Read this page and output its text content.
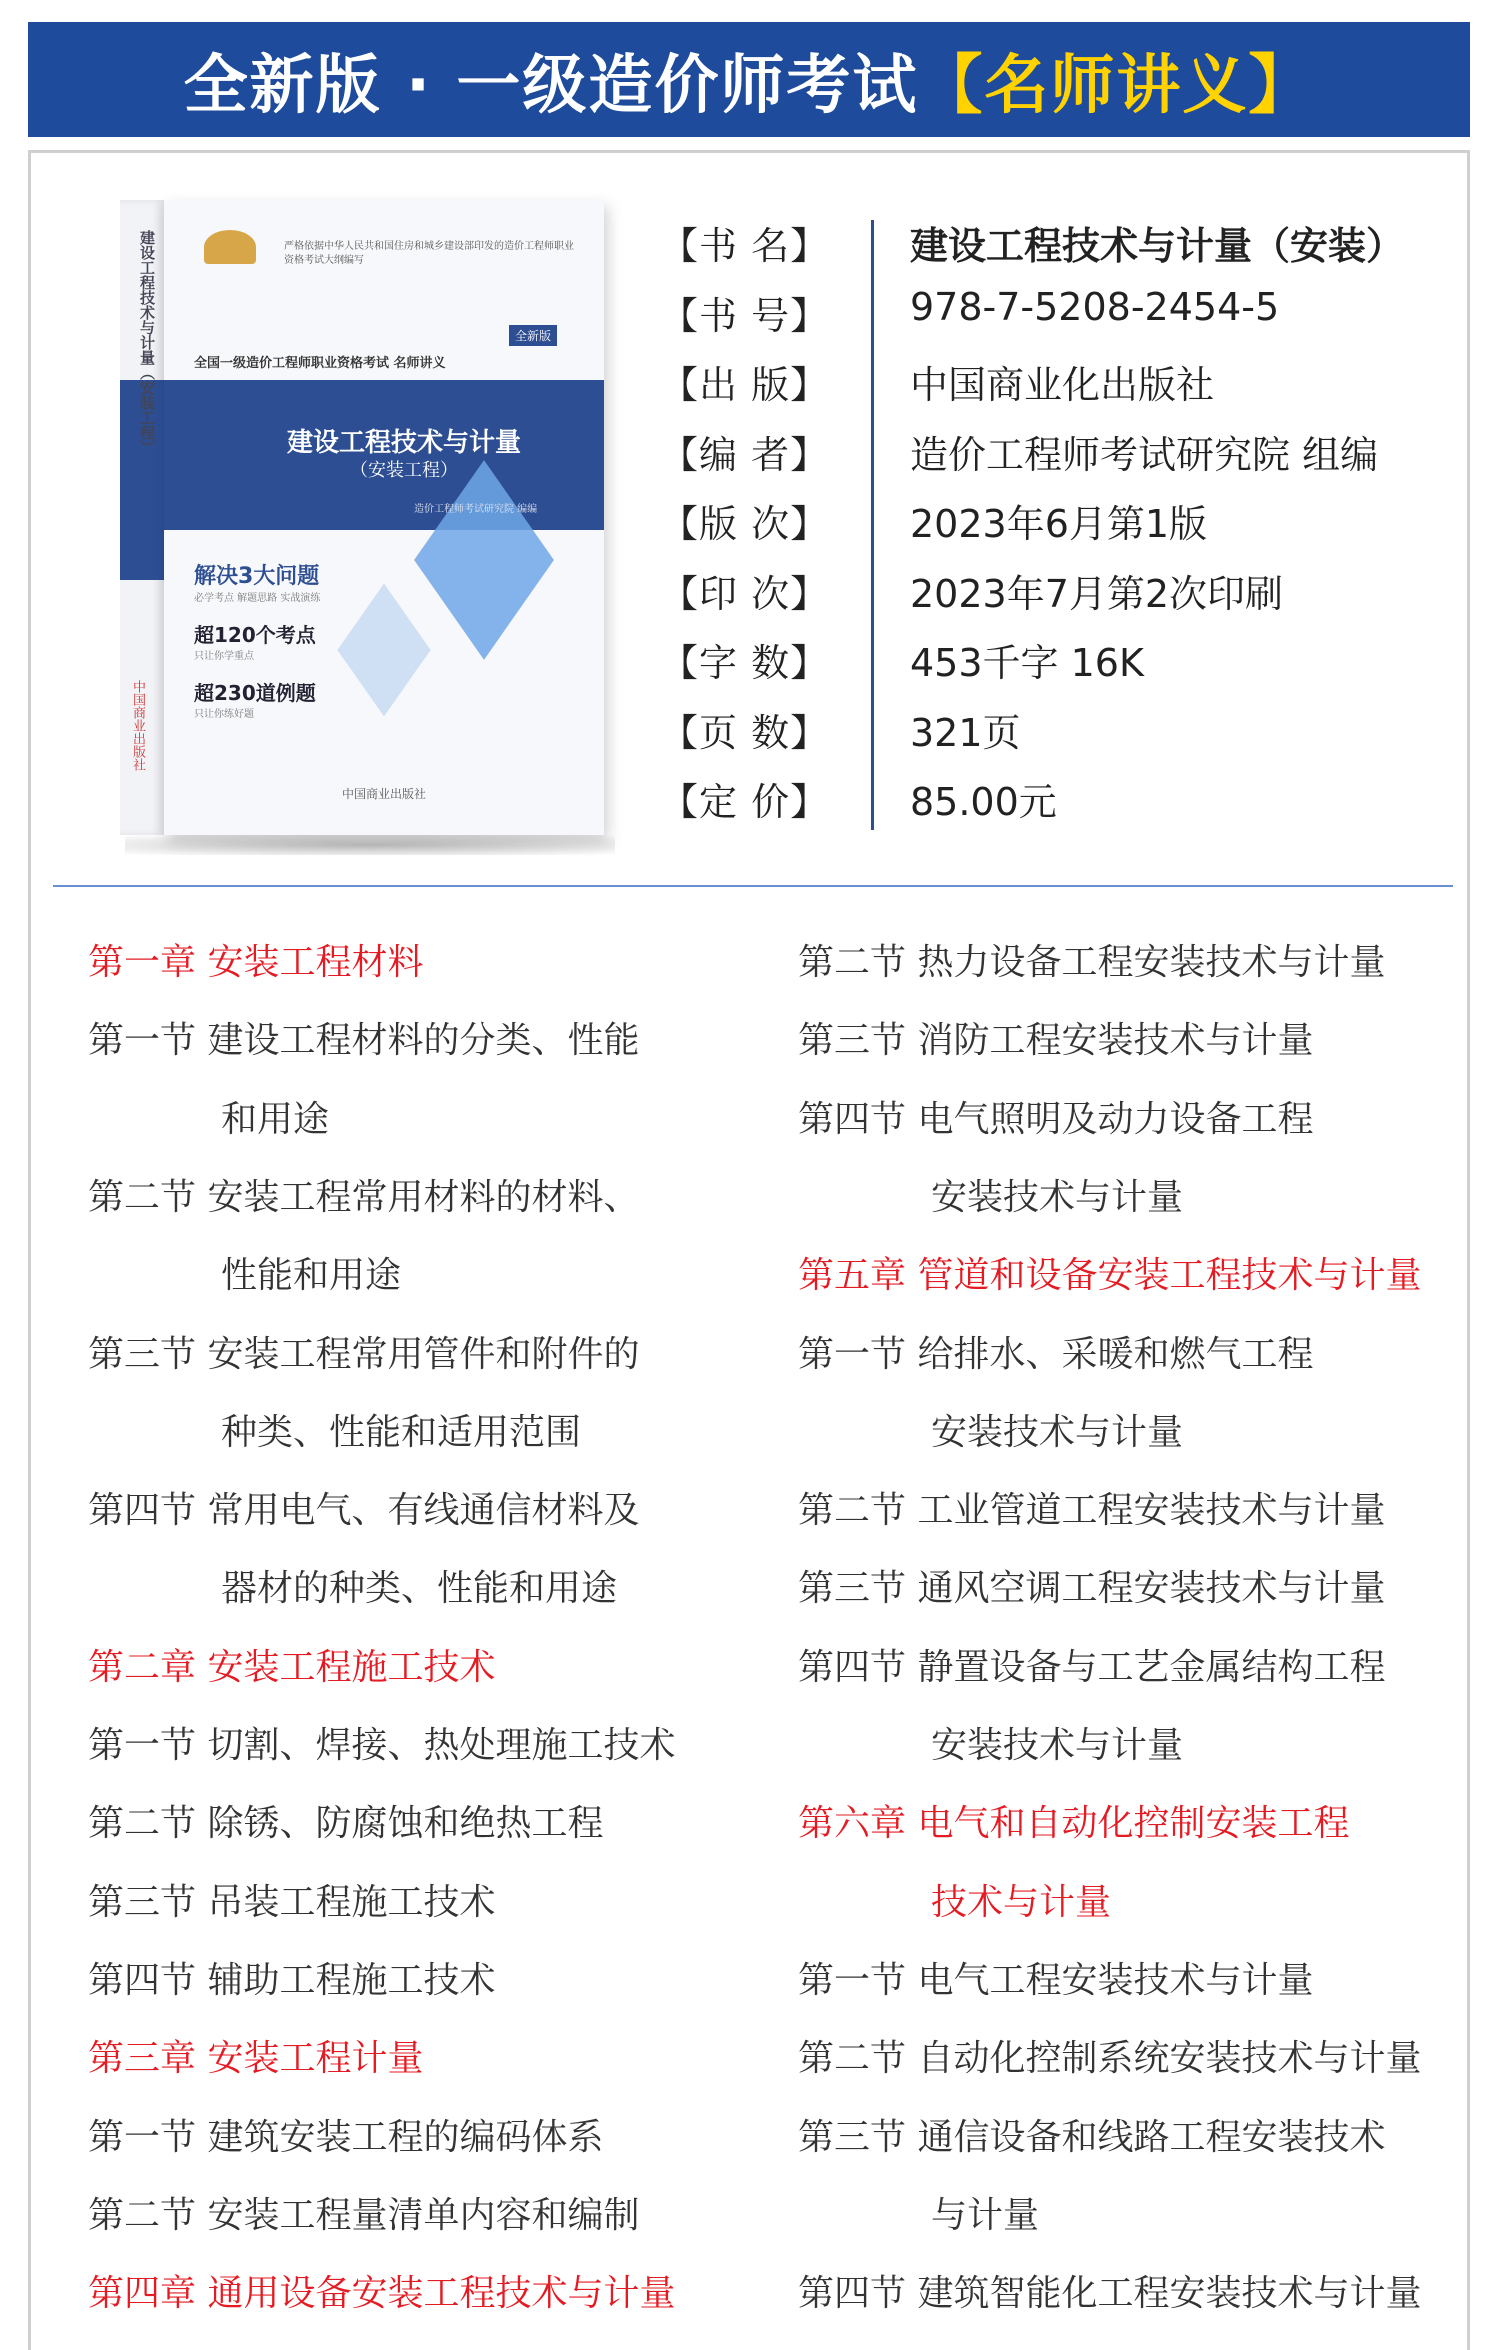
全新版 · 一级造价师考试【名师讲义】
建设工程技术与计量（安装工程）
中国商业出版社
严格依据中华人民共和国住房和城乡建设部印发的造价工程师职业资格考试大纲编写
全新版
全国一级造价工程师职业资格考试 名师讲义
建设工程技术与计量
（安装工程）
造价工程师考试研究院 编编
解决3大问题
必学考点 解题思路 实战演练
超120个考点

只让你学重点
超230道例题

只让你练好题
中国商业出版社
【书 名】	建设工程技术与计量（安装）
【书 号】	978-7-5208-2454-5
【出 版】	中国商业化出版社
【编 者】	造价工程师考试研究院 组编
【版 次】	2023年6月第1版
【印 次】	2023年7月第2次印刷
【字 数】	453千字 16K
【页 数】	321页
【定 价】	85.00元
第一章 安装工程材料
第一节 建设工程材料的分类、性能
和用途
第二节 安装工程常用材料的材料、
性能和用途
第三节 安装工程常用管件和附件的
种类、性能和适用范围
第四节 常用电气、有线通信材料及
器材的种类、性能和用途
第二章 安装工程施工技术
第一节 切割、焊接、热处理施工技术
第二节 除锈、防腐蚀和绝热工程
第三节 吊装工程施工技术
第四节 辅助工程施工技术
第三章 安装工程计量
第一节 建筑安装工程的编码体系
第二节 安装工程量清单内容和编制
第四章 通用设备安装工程技术与计量
第二节 热力设备工程安装技术与计量
第三节 消防工程安装技术与计量
第四节 电气照明及动力设备工程
安装技术与计量
第五章 管道和设备安装工程技术与计量
第一节 给排水、采暖和燃气工程
安装技术与计量
第二节 工业管道工程安装技术与计量
第三节 通风空调工程安装技术与计量
第四节 静置设备与工艺金属结构工程
安装技术与计量
第六章 电气和自动化控制安装工程
技术与计量
第一节 电气工程安装技术与计量
第二节 自动化控制系统安装技术与计量
第三节 通信设备和线路工程安装技术
与计量
第四节 建筑智能化工程安装技术与计量
